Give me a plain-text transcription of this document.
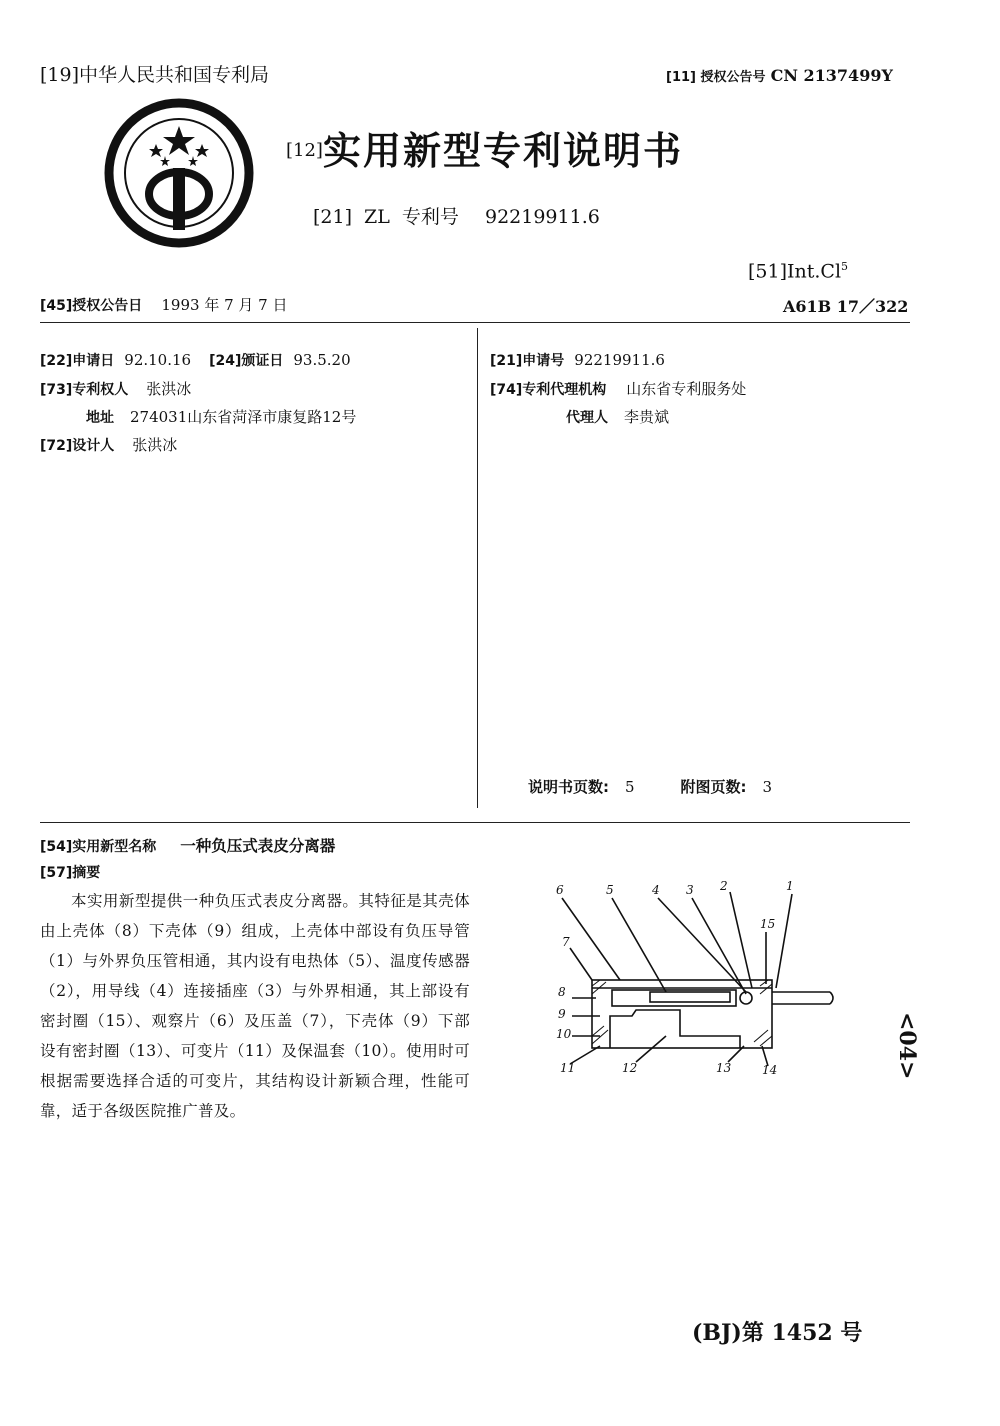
[19]中华人民共和国专利局	[11] 授权公告号 CN 2137499Y
[12]实用新型专利说明书
[21] ZL 专利号 92219911.6
[51]Int.Cl$^5$
A61B 17／322
[45]授权公告日 1993 年 7 月 7 日
[22]申请日 92.10.16 [24]颁证日 93.5.20
[73]专利权人 张洪冰
地址 274031山东省菏泽市康复路12号
[72]设计人 张洪冰
[21]申请号 92219911.6
[74]专利代理机构 山东省专利服务处
代理人 李贵斌
说明书页数: 5	附图页数: 3
[54]实用新型名称 一种负压式表皮分离器
[57]摘要
本实用新型提供一种负压式表皮分离器。其特征是其壳体由上壳体（8）下壳体（9）组成，上壳体中部设有负压导管（1）与外界负压管相通，其内设有电热体（5）、温度传感器（2），用导线（4）连接插座（3）与外界相通，其上部设有密封圈（15）、观察片（6）及压盖（7），下壳体（9）下部设有密封圈（13）、可变片（11）及保温套（10）。使用时可根据需要选择合适的可变片，其结构设计新颖合理，性能可靠，适于各级医院推广普及。
6	5	4 3 2	1
15
7
8
9
10
11	12	13	14	<04>
(BJ)第 1452 号
